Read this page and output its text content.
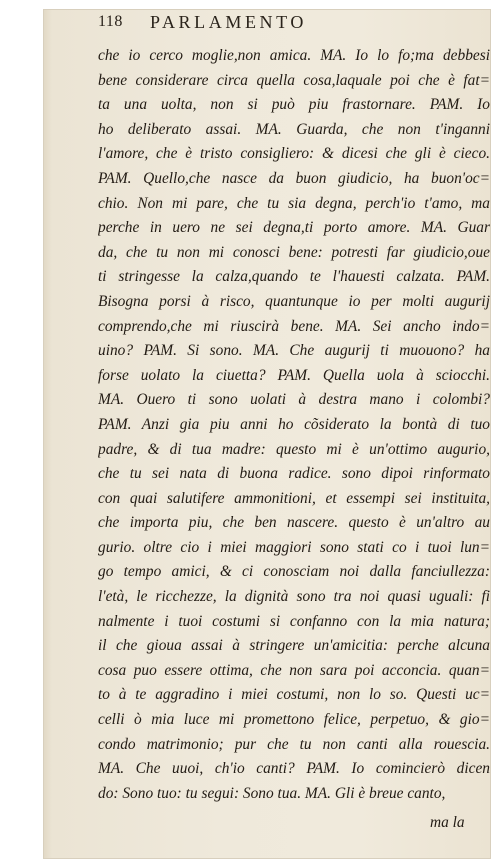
118 PARLAMENTO
che io cerco moglie,non amica. MA. Io lo fo;ma debbesi
bene considerare circa quella cosa,laquale poi che è fat=
ta una uolta, non si può piu frastornare. PAM. Io
ho deliberato assai. MA. Guarda, che non t'inganni
l'amore, che è tristo consigliero: & dicesi che gli è cieco.
PAM. Quello,che nasce da buon giudicio, ha buon'oc=
chio. Non mi pare, che tu sia degna, perch'io t'amo, ma
perche in uero ne sei degna,ti porto amore. MA. Guar
da, che tu non mi conosci bene: potresti far giudicio,oue
ti stringesse la calza,quando te l'hauesti calzata. PAM.
Bisogna porsi à risco, quantunque io per molti augurij
comprendo,che mi riuscirà bene. MA. Sei ancho indo=
uino? PAM. Si sono. MA. Che augurij ti muouono? ha
forse uolato la ciuetta? PAM. Quella uola à sciocchi.
MA. Ouero ti sono uolati à destra mano i colombi?
PAM. Anzi gia piu anni ho cõsiderato la bontà di tuo
padre, & di tua madre: questo mi è un'ottimo augurio,
che tu sei nata di buona radice. sono dipoi rinformato
con quai salutifere ammonitioni, et essempi sei instituita,
che importa piu, che ben nascere. questo è un'altro au
gurio. oltre cio i miei maggiori sono stati co i tuoi lun=
go tempo amici, & ci conosciam noi dalla fanciullezza:
l'età, le ricchezze, la dignità sono tra noi quasi uguali: fi
nalmente i tuoi costumi si confanno con la mia natura;
il che gioua assai à stringere un'amicitia: perche alcuna
cosa puo essere ottima, che non sara poi acconcia. quan=
to à te aggradino i miei costumi, non lo so. Questi uc=
celli ò mia luce mi promettono felice, perpetuo, & gio=
condo matrimonio; pur che tu non canti alla rouescia.
MA. Che uuoi, ch'io canti? PAM. Io comincierò dicen
do: Sono tuo: tu segui: Sono tua. MA. Gli è breue canto,
ma la
